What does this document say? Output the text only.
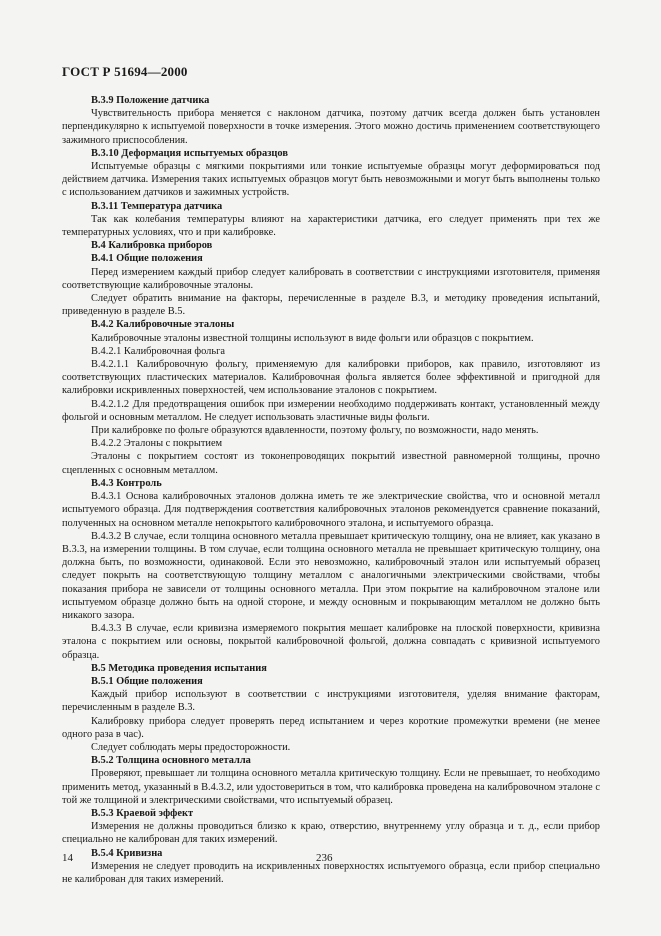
ГОСТ Р 51694—2000

B.3.9 Положение датчика

Чувствительность прибора меняется с наклоном датчика, поэтому датчик всегда должен быть установлен перпендикулярно к испытуемой поверхности в точке измерения. Этого можно достичь применением соответствующего зажимного приспособления.

B.3.10 Деформация испытуемых образцов

Испытуемые образцы с мягкими покрытиями или тонкие испытуемые образцы могут деформироваться под действием датчика. Измерения таких испытуемых образцов могут быть невозможными и могут быть выполнены только с использованием датчиков и зажимных устройств.

B.3.11 Температура датчика

Так как колебания температуры влияют на характеристики датчика, его следует применять при тех же температурных условиях, что и при калибровке.

B.4 Калибровка приборов

B.4.1 Общие положения

Перед измерением каждый прибор следует калибровать в соответствии с инструкциями изготовителя, применяя соответствующие калибровочные эталоны.

Следует обратить внимание на факторы, перечисленные в разделе В.3, и методику проведения испытаний, приведенную в разделе В.5.

B.4.2 Калибровочные эталоны

Калибровочные эталоны известной толщины используют в виде фольги или образцов с покрытием.

B.4.2.1 Калибровочная фольга

B.4.2.1.1 Калибровочную фольгу, применяемую для калибровки приборов, как правило, изготовляют из соответствующих пластических материалов. Калибровочная фольга является более эффективной и пригодной для калибровки искривленных поверхностей, чем использование эталонов с покрытием.

B.4.2.1.2 Для предотвращения ошибок при измерении необходимо поддерживать контакт, установленный между фольгой и основным металлом. Не следует использовать эластичные виды фольги.

При калибровке по фольге образуются вдавленности, поэтому фольгу, по возможности, надо менять.

B.4.2.2 Эталоны с покрытием

Эталоны с покрытием состоят из токонепроводящих покрытий известной равномерной толщины, прочно сцепленных с основным металлом.

B.4.3 Контроль

B.4.3.1 Основа калибровочных эталонов должна иметь те же электрические свойства, что и основной металл испытуемого образца. Для подтверждения соответствия калибровочных эталонов рекомендуется сравнение показаний, полученных на основном металле непокрытого калибровочного эталона, и испытуемого образца.

B.4.3.2 В случае, если толщина основного металла превышает критическую толщину, она не влияет, как указано в В.3.3, на измерении толщины. В том случае, если толщина основного металла не превышает критическую толщину, она должна быть, по возможности, одинаковой. Если это невозможно, калибровочный эталон или испытуемый образец следует покрыть на соответствующую толщину металлом с аналогичными электрическими свойствами, чтобы показания прибора не зависели от толщины основного металла. При этом покрытие на калибровочном эталоне или испытуемом образце должно быть на одной стороне, и между основным и покрывающим металлом не должно быть никакого зазора.

B.4.3.3 В случае, если кривизна измеряемого покрытия мешает калибровке на плоской поверхности, кривизна эталона с покрытием или основы, покрытой калибровочной фольгой, должна совпадать с кривизной испытуемого образца.

B.5 Методика проведения испытания

B.5.1 Общие положения

Каждый прибор используют в соответствии с инструкциями изготовителя, уделяя внимание факторам, перечисленным в разделе В.3.

Калибровку прибора следует проверять перед испытанием и через короткие промежутки времени (не менее одного раза в час).

Следует соблюдать меры предосторожности.

B.5.2 Толщина основного металла

Проверяют, превышает ли толщина основного металла критическую толщину. Если не превышает, то необходимо применить метод, указанный в В.4.3.2, или удостовериться в том, что калибровка проведена на калибровочном эталоне с той же толщиной и электрическими свойствами, что испытуемый образец.

B.5.3 Краевой эффект

Измерения не должны проводиться близко к краю, отверстию, внутреннему углу образца и т. д., если прибор специально не калиброван для таких измерений.

B.5.4 Кривизна

Измерения не следует проводить на искривленных поверхностях испытуемого образца, если прибор специально не калиброван для таких измерений.

14	236
